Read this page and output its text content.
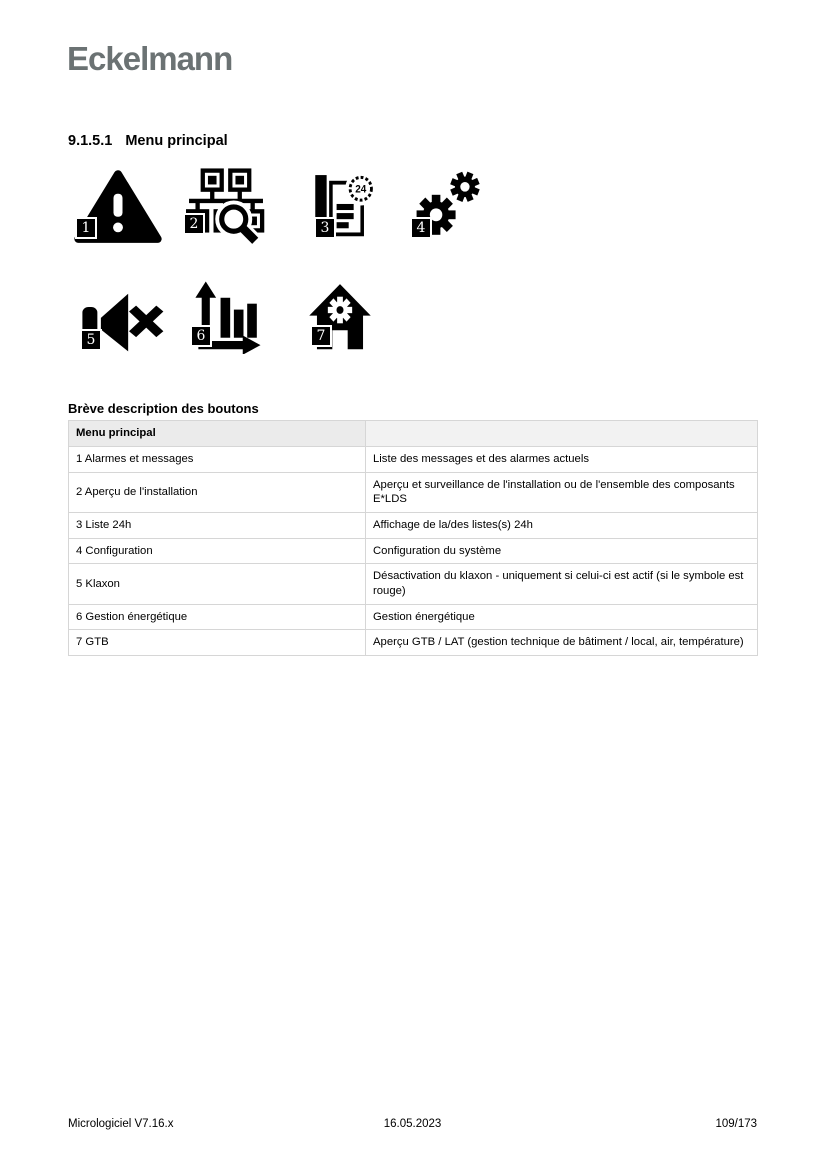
Eckelmann
9.1.5.1 Menu principal
1	2
24
3	4
5	6	7
Brève description des boutons
Menu principal	
1 Alarmes et messages	Liste des messages et des alarmes actuels
2 Aperçu de l'installation	Aperçu et surveillance de l'installation ou de l'ensemble des composants E*LDS
3 Liste 24h	Affichage de la/des listes(s) 24h
4 Configuration	Configuration du système
5 Klaxon	Désactivation du klaxon - uniquement si celui-ci est actif (si le symbole est rouge)
6 Gestion énergétique	Gestion énergétique
7 GTB	Aperçu GTB / LAT (gestion technique de bâtiment / local, air, température)
Micrologiciel V7.16.x	16.05.2023	109/173
